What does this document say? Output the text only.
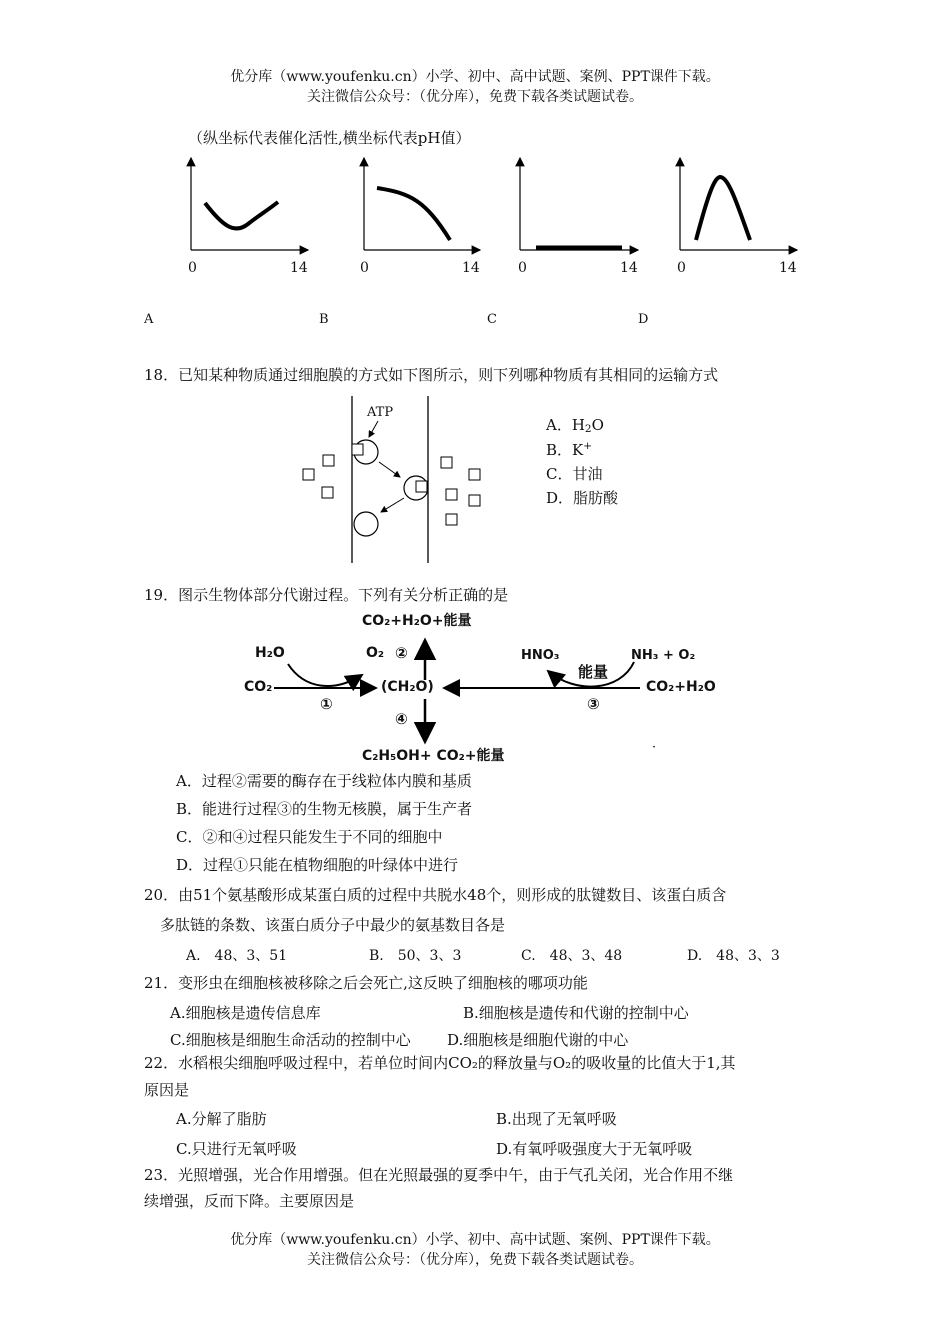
优分库（www.youfenku.cn）小学、初中、高中试题、案例、PPT课件下载。
关注微信公众号：（优分库），免费下载各类试题试卷。
（纵坐标代表催化活性,横坐标代表pH值）
0	14	0	14	0	14	0	14
A	B	C	D
18．已知某种物质通过细胞膜的方式如下图所示，则下列哪种物质有其相同的运输方式
ATP
A．$H_2O$
B．K+
C．甘油
D．脂肪酸
19．图示生物体部分代谢过程。下列有关分析正确的是
CO₂+H₂O+能量
H₂O
CO₂
O₂ ②
(CH₂O)
①
④
HNO₃
能量
NH₃ + O₂
CO₂+H₂O
③
C₂H₅OH+ CO₂+能量
·
A．过程②需要的酶存在于线粒体内膜和基质
B．能进行过程③的生物无核膜，属于生产者
C．②和④过程只能发生于不同的细胞中
D．过程①只能在植物细胞的叶绿体中进行
20．由51个氨基酸形成某蛋白质的过程中共脱水48个，则形成的肽键数目、该蛋白质含
多肽链的条数、该蛋白质分子中最少的氨基数目各是
A.　48、3、51	B.　50、3、3	C.　48、3、48	D.　48、3、3
21．变形虫在细胞核被移除之后会死亡,这反映了细胞核的哪项功能
A.细胞核是遗传信息库	B.细胞核是遗传和代谢的控制中心
C.细胞核是细胞生命活动的控制中心 D.细胞核是细胞代谢的中心
22．水稻根尖细胞呼吸过程中，若单位时间内CO₂的释放量与O₂的吸收量的比值大于1,其
原因是
A.分解了脂肪	B.出现了无氧呼吸
C.只进行无氧呼吸	D.有氧呼吸强度大于无氧呼吸
23．光照增强，光合作用增强。但在光照最强的夏季中午，由于气孔关闭，光合作用不继
续增强，反而下降。主要原因是
优分库（www.youfenku.cn）小学、初中、高中试题、案例、PPT课件下载。
关注微信公众号：（优分库），免费下载各类试题试卷。
